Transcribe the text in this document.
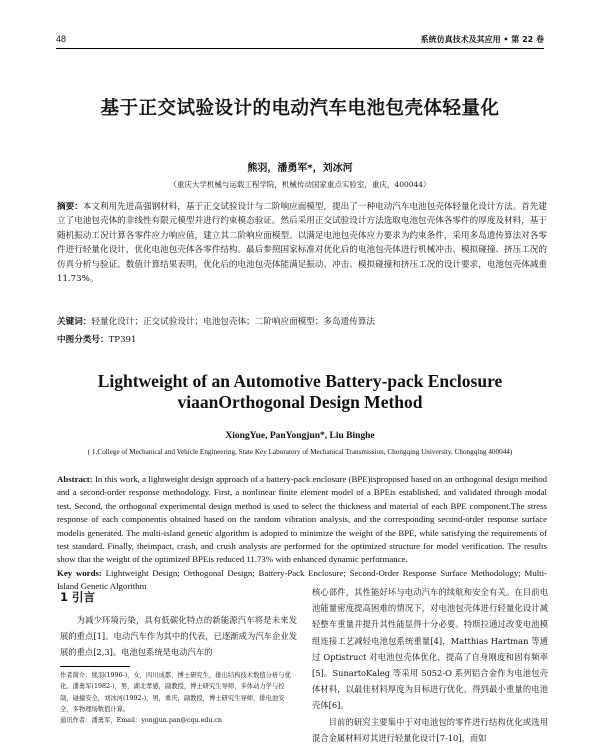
48	系统仿真技术及其应用 • 第 22 卷
基于正交试验设计的电动汽车电池包壳体轻量化
熊羽，潘勇军*，刘冰河
（重庆大学机械与运载工程学院，机械传动国家重点实验室，重庆，400044）
摘要：本文利用先进高强钢材料，基于正交试验设计与二阶响应面模型，提出了一种电动汽车电池包壳体轻量化设计方法。首先建立了电池包壳体的非线性有限元模型并进行约束模态验证。然后采用正交试验设计方法选取电池包壳体各零件的厚度及材料，基于随机振动工况计算各零件应力响应值，建立其二阶响应面模型。以满足电池包壳体应力要求为约束条件，采用多岛遗传算法对各零件进行轻量化设计，优化电池包壳体各零件结构。最后参照国家标准对优化后的电池包壳体进行机械冲击、模拟碰撞、挤压工况的仿真分析与验证。数值计算结果表明，优化后的电池包壳体能满足振动、冲击、模拟碰撞和挤压工况的设计要求，电池包壳体减重 11.73%。
关键词：轻量化设计；正交试验设计；电池包壳体；二阶响应面模型；多岛遗传算法
中图分类号：TP391
Lightweight of an Automotive Battery-pack Enclosure
viaanOrthogonal Design Method
XiongYue, PanYongjun*, Liu Binghe
( 1.College of Mechanical and Vehicle Engineering, State Key Laboratory of Mechanical Transmission, Chongqing University, Chongqing 400044)
Abstract: In this work, a lightweight design approach of a battery-pack enclosure (BPE)isproposed based on an orthogonal design method and a second-order response methodology. First, a nonlinear finite element model of a BPEis established, and validated through modal test. Second, the orthogonal experimental design method is used to select the thickness and material of each BPE component.The stress response of each componentis obtained based on the random vibration analysis, and the corresponding second-order response surface modelis generated. The multi-island genetic algorithm is adopted to minimize the weight of the BPE, while satisfying the requirements of test standard. Finally, theimpact, crash, and crush analysis are performed for the optimized structure for model verification. The results show that the weight of the optimized BPEis reduced 11.73% with enhanced dynamic performance.
Key words: Lightweight Design; Orthogonal Design; Battery-Pack Enclosure; Second-Order Response Surface Methodology; Multi-Island Genetic Algorithm
1 引言

为减少环境污染，具有低碳化特点的新能源汽车将是未来发展的重点[1]。电动汽车作为其中的代表，已逐渐成为汽车企业发展的重点[2,3]。电池包系统是电动汽车的

作者简介：熊羽(1996-)，女，四川成都，博士研究生，排出结构技术数值分析与优化。潘勇军(1982-)，男，湖北孝感，副教授，博士研究生导师，多体动力学与控制，碰撞安全，刘冰河(1992-)，男，重庆，副教授，博士研究生导师，排电池安全，多物理场数值计算。
通讯作者：潘勇军，Email：yongjun.pan@cqu.edu.cn

核心部件，其性能好坏与电动汽车的续航和安全有关。在目前电池能量密度提高困难的情况下，对电池包壳体进行轻量化设计减轻整车重量并提升其性能显得十分必要。特斯拉通过改变电池模组连接工艺减轻电池包系统重量[4]，Matthias Hartman 等通过 Optistruct 对电池包壳体优化，提高了自身刚度和固有频率[5]。SunartoKaleg 等采用 5052-O 系列铝合金作为电池包壳体材料，以最佳材料厚度为目标进行优化，得到最小重量的电池壳体[6]。

目前的研究主要集中于对电池包的零件进行结构优化或选用混合金属材料对其进行轻量化设计[7-10]，而如
